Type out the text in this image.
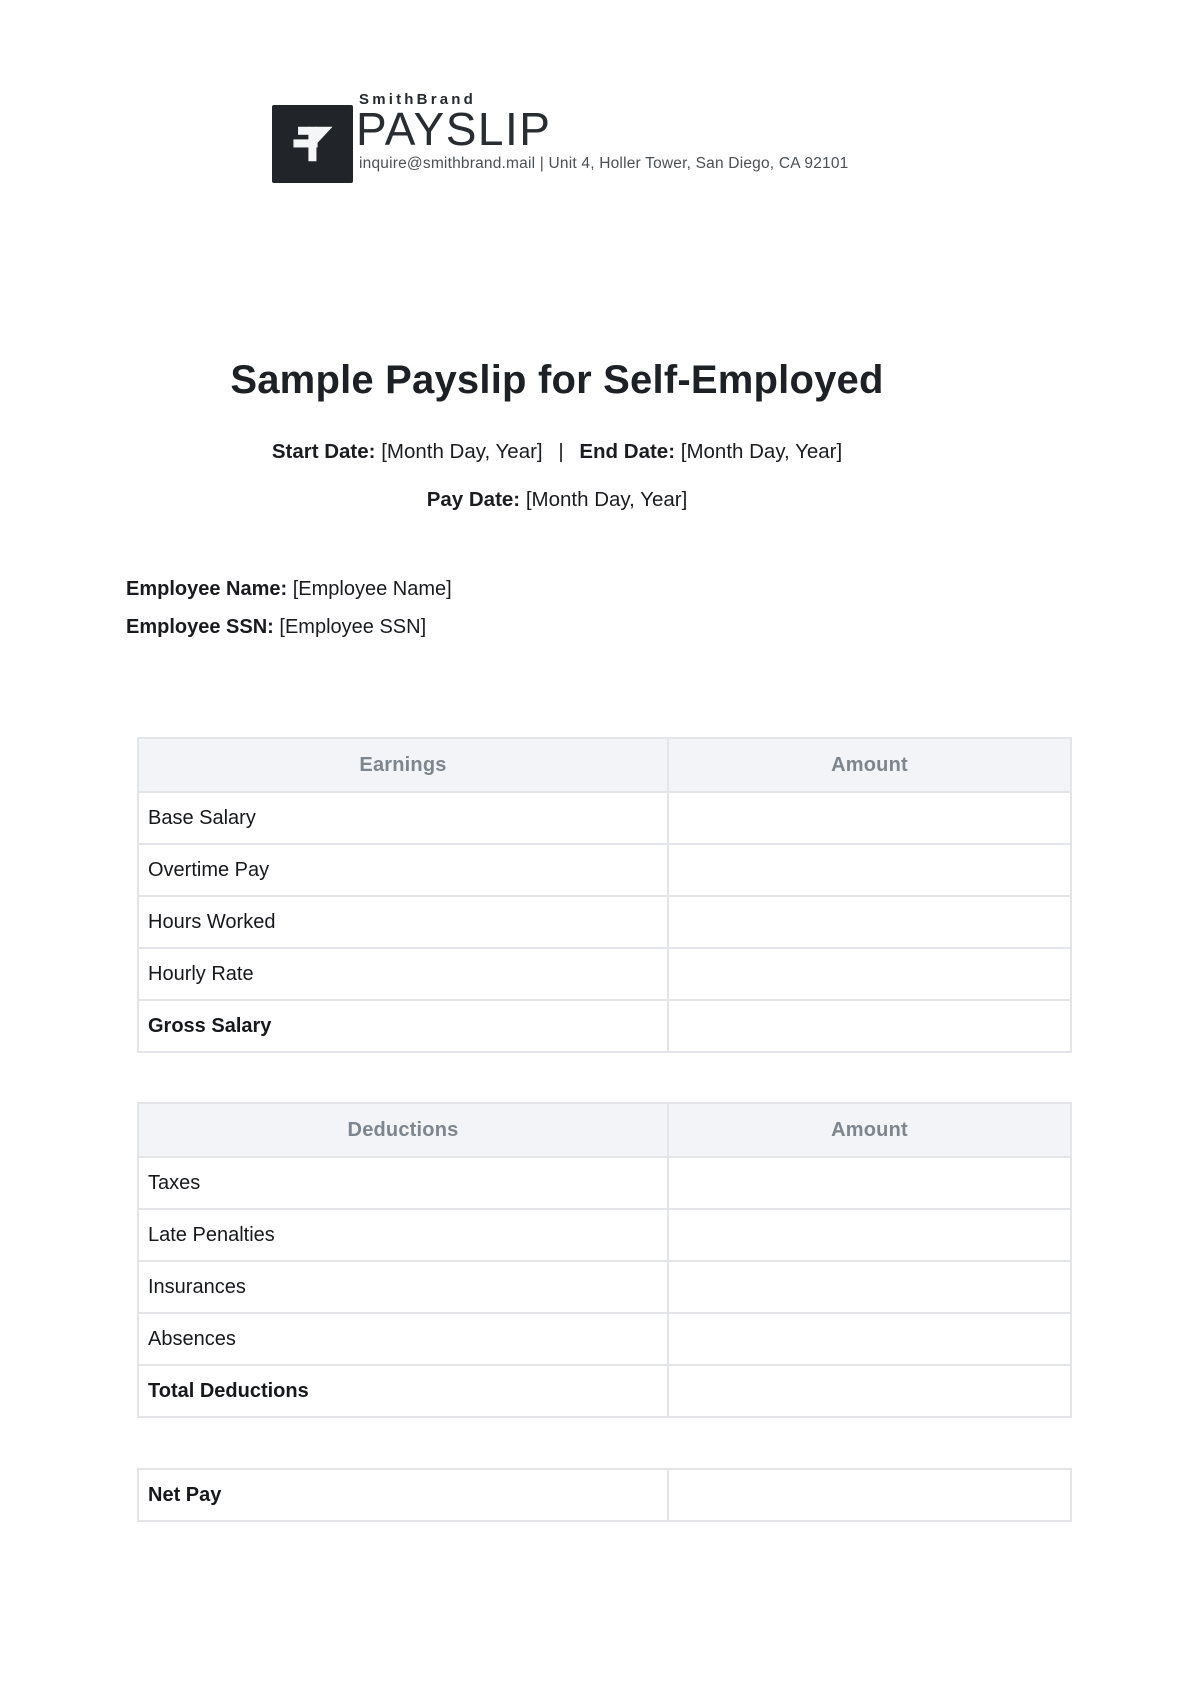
SmithBrand
PAYSLIP
inquire@smithbrand.mail | Unit 4, Holler Tower, San Diego, CA 92101
Sample Payslip for Self-Employed
Start Date: [Month Day, Year] | End Date: [Month Day, Year]
Pay Date: [Month Day, Year]
Employee Name: [Employee Name]
Employee SSN: [Employee SSN]
Earnings	Amount
Base Salary	
Overtime Pay	
Hours Worked	
Hourly Rate	
Gross Salary	
Deductions	Amount
Taxes	
Late Penalties	
Insurances	
Absences	
Total Deductions	
Net Pay	
